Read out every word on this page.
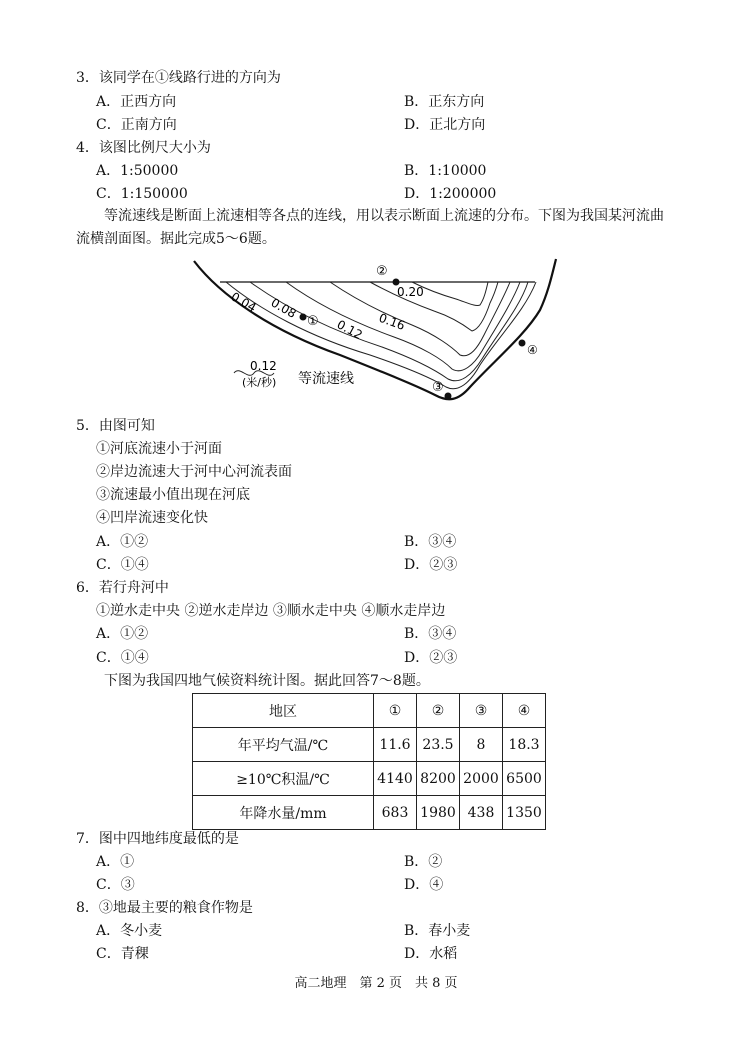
3．该同学在①线路行进的方向为
A．正西方向	B．正东方向
C．正南方向	D．正北方向
4．该图比例尺大小为
A．1:50000	B．1:10000
C．1:150000	D．1:200000
等流速线是断面上流速相等各点的连线，用以表示断面上流速的分布。下图为我国某河流曲流横剖面图。据此完成5～6题。
0.04 0.08
0.12 0.16
0.20
①
②
③
④
0.12
(米/秒) 等流速线
5．由图可知
①河底流速小于河面
②岸边流速大于河中心河流表面
③流速最小值出现在河底
④凹岸流速变化快
A．①②	B．③④
C．①④	D．②③
6．若行舟河中
①逆水走中央 ②逆水走岸边 ③顺水走中央 ④顺水走岸边
A．①②	B．③④
C．①④	D．②③
下图为我国四地气候资料统计图。据此回答7～8题。
地区	①	②	③	④
年平均气温/℃	11.6	23.5	8	18.3
≥10℃积温/℃	4140	8200	2000	6500
年降水量/mm	683	1980	438	1350
7．图中四地纬度最低的是
A．①	B．②
C．③	D．④
8．③地最主要的粮食作物是
A．冬小麦	B．春小麦
C．青稞	D．水稻
高二地理　第 2 页　共 8 页
